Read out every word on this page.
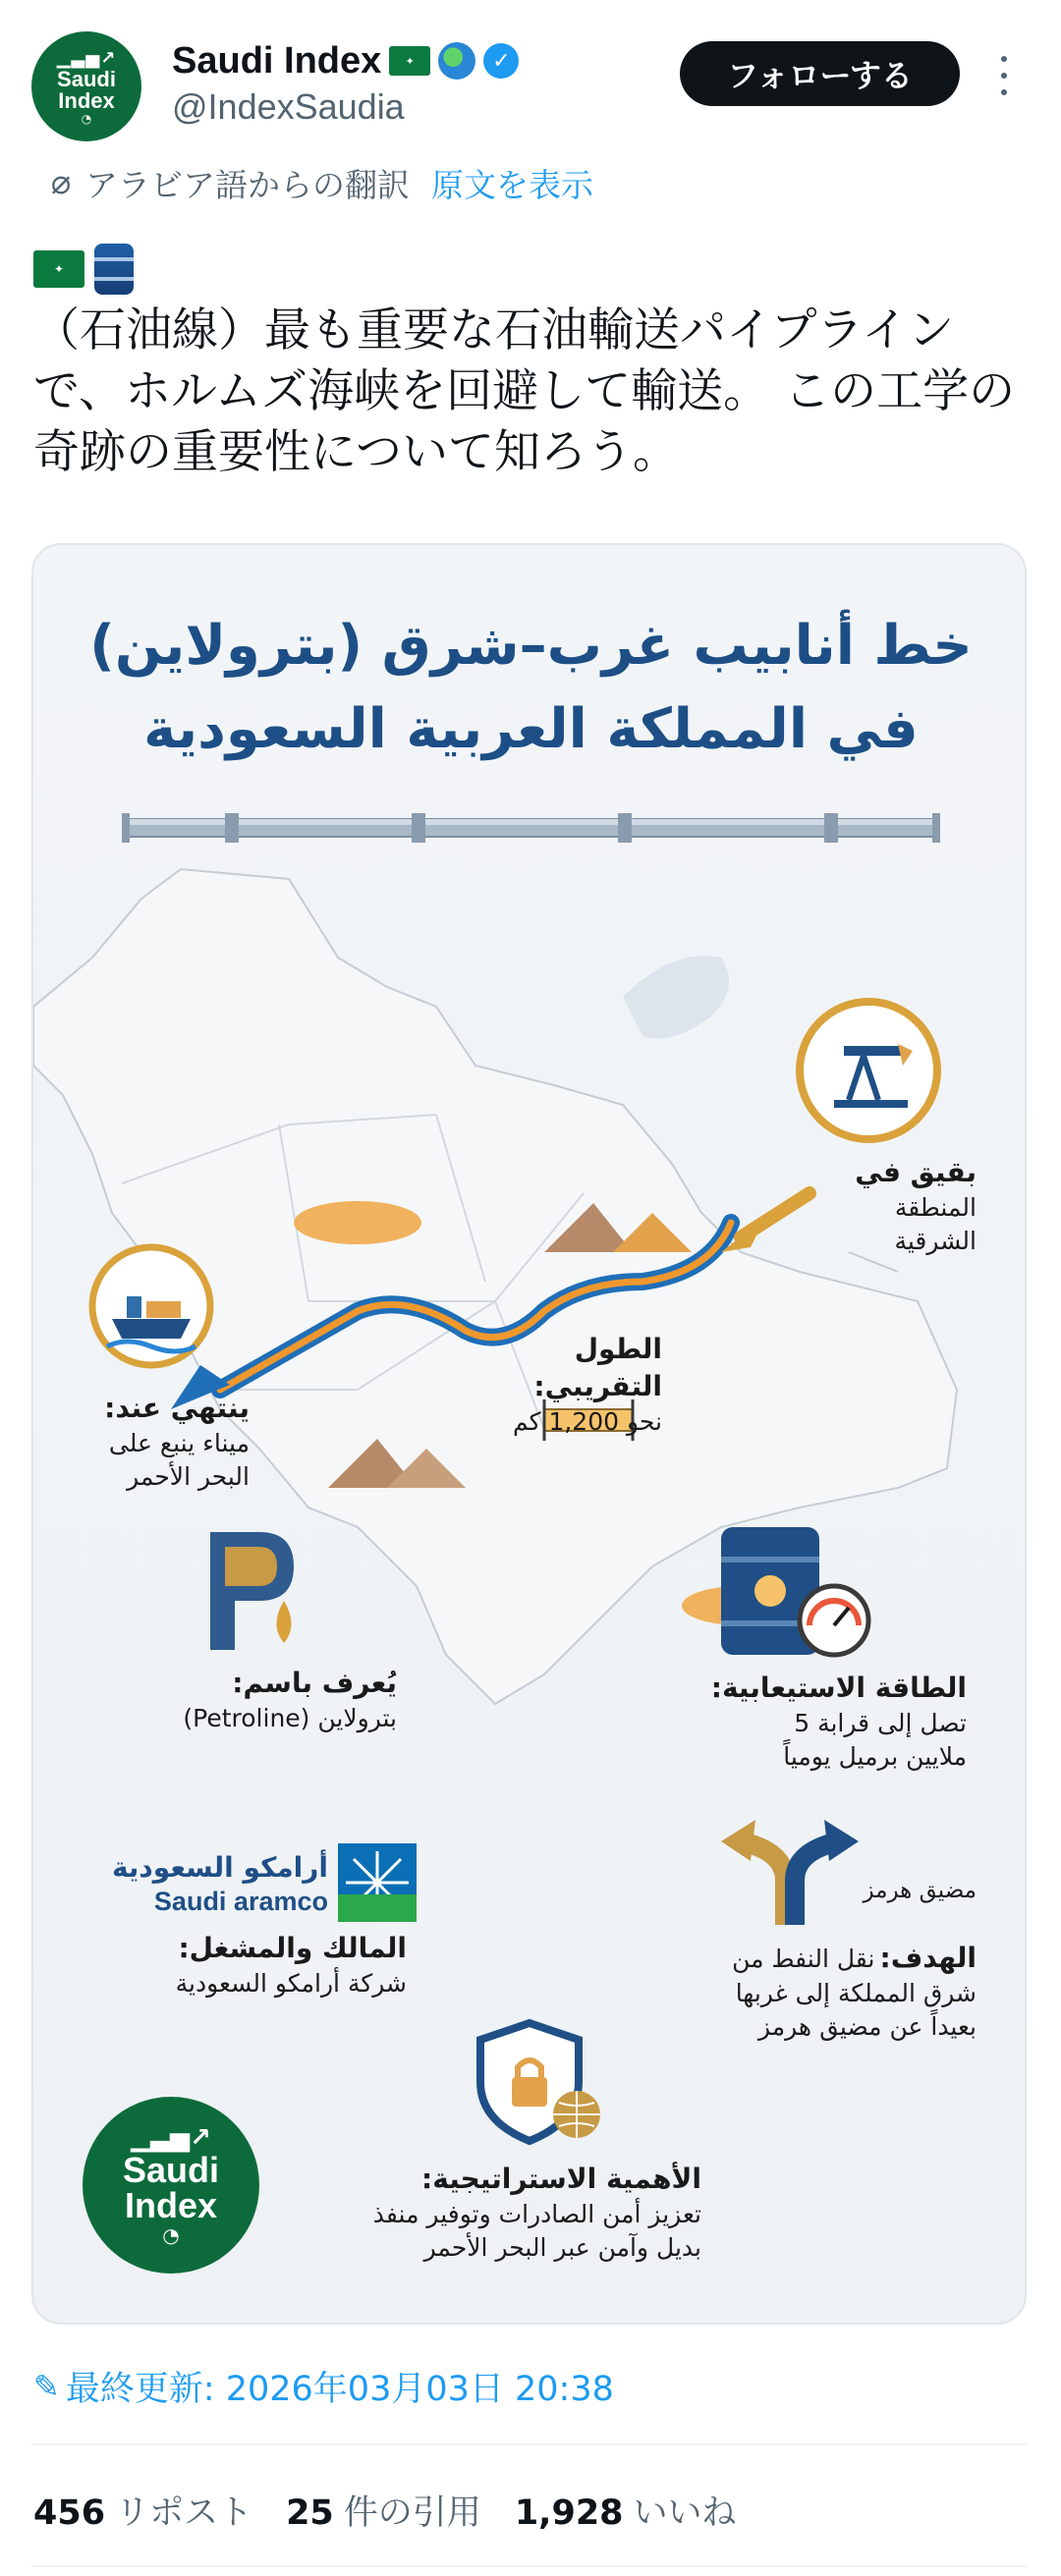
▁▃▅↗
Saudi
Index
◔
Saudi Index	✦	✓
@IndexSaudia
フォローする
⌀ アラビア語からの翻訳 原文を表示
✦
（石油線）最も重要な石油輸送パイプラインで、ホルムズ海峡を回避して輸送。 この工学の奇跡の重要性について知ろう。
خط أنابيب غرب–شرق (بترولاين)
في المملكة العربية السعودية
بقيق في
المنطقة
الشرقية
الطول التقريبي:
نحو 1,200 كم
ينتهي عند:
ميناء ينبع على
البحر الأحمر
يُعرف باسم:
بترولاين (Petroline)
الطاقة الاستيعابية:
تصل إلى قرابة 5
ملايين برميل يومياً
أرامكو السعودية
Saudi aramco
المالك والمشغل:
شركة أرامكو السعودية
مضيق هرمز
الهدف: نقل النفط من
شرق المملكة إلى غربها
بعيداً عن مضيق هرمز
الأهمية الاستراتيجية:
تعزيز أمن الصادرات وتوفير منفذ
بديل وآمن عبر البحر الأحمر
▁▃▅↗
Saudi
Index
◔
✎ 最終更新: 2026年03月03日 20:38
456 リポスト 25 件の引用 1,928 いいね
